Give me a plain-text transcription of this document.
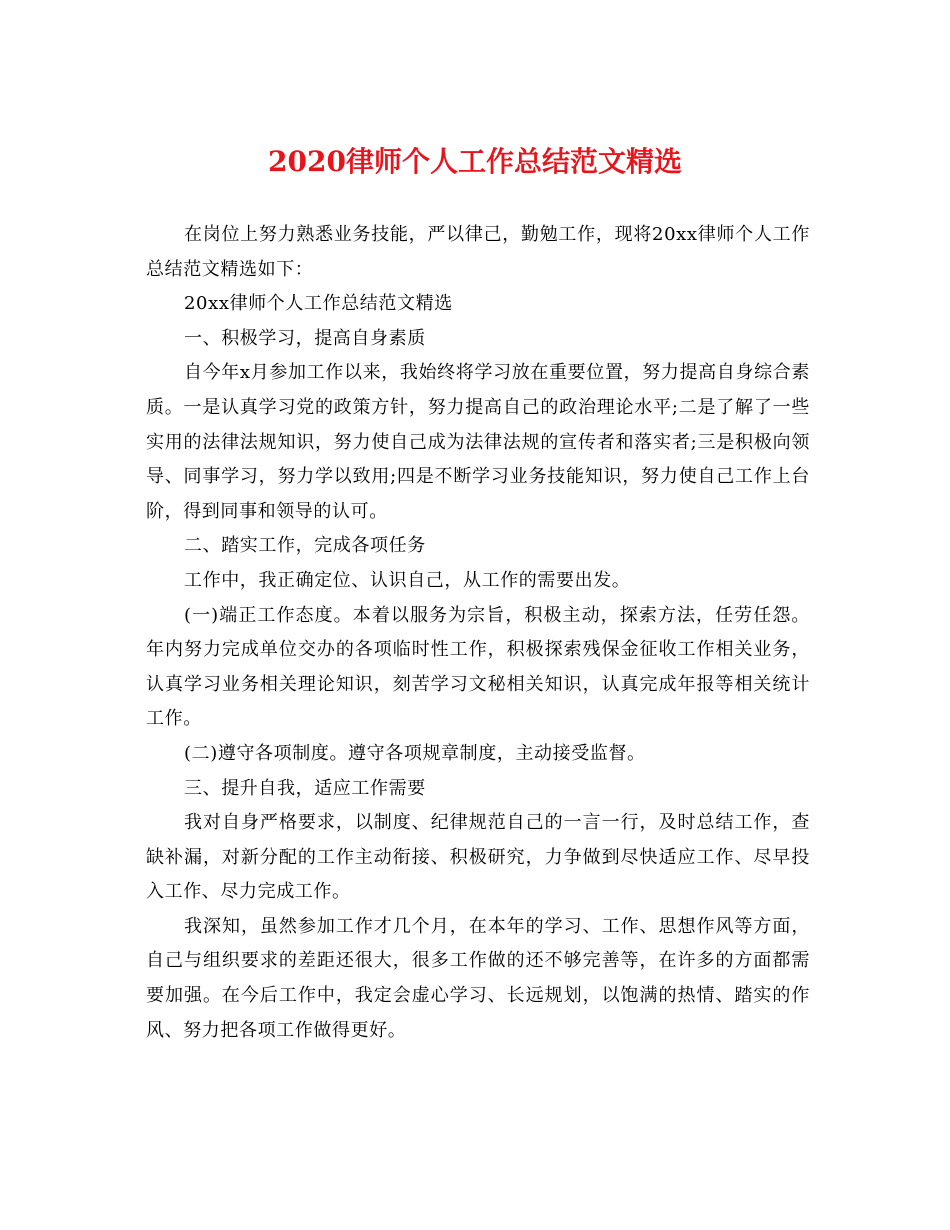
2020律师个人工作总结范文精选

在岗位上努力熟悉业务技能，严以律己，勤勉工作，现将20xx律师个人工作总结范文精选如下：

20xx律师个人工作总结范文精选

一、积极学习，提高自身素质

自今年x月参加工作以来，我始终将学习放在重要位置，努力提高自身综合素质。一是认真学习党的政策方针，努力提高自己的政治理论水平;二是了解了一些实用的法律法规知识，努力使自己成为法律法规的宣传者和落实者;三是积极向领导、同事学习，努力学以致用;四是不断学习业务技能知识，努力使自己工作上台阶，得到同事和领导的认可。

二、踏实工作，完成各项任务

工作中，我正确定位、认识自己，从工作的需要出发。

(一)端正工作态度。本着以服务为宗旨，积极主动，探索方法，任劳任怨。年内努力完成单位交办的各项临时性工作，积极探索残保金征收工作相关业务，认真学习业务相关理论知识，刻苦学习文秘相关知识，认真完成年报等相关统计工作。

(二)遵守各项制度。遵守各项规章制度，主动接受监督。

三、提升自我，适应工作需要

我对自身严格要求，以制度、纪律规范自己的一言一行，及时总结工作，查缺补漏，对新分配的工作主动衔接、积极研究，力争做到尽快适应工作、尽早投入工作、尽力完成工作。

我深知，虽然参加工作才几个月，在本年的学习、工作、思想作风等方面，自己与组织要求的差距还很大，很多工作做的还不够完善等，在许多的方面都需要加强。在今后工作中，我定会虚心学习、长远规划，以饱满的热情、踏实的作风、努力把各项工作做得更好。
